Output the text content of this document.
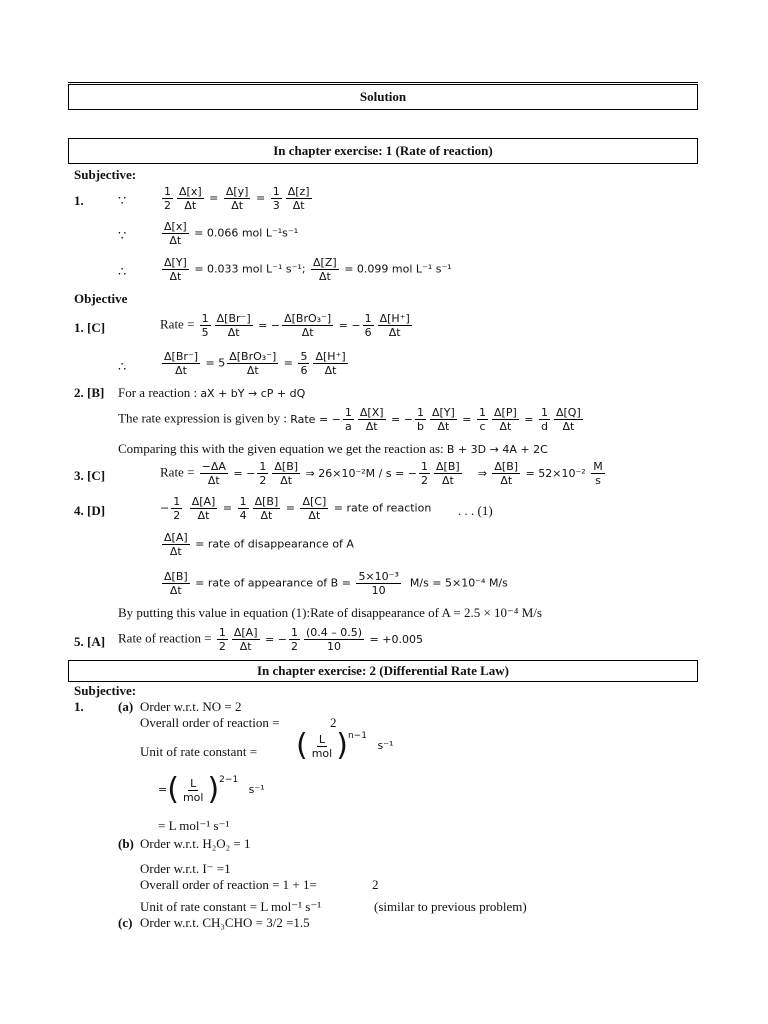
Solution
In chapter exercise: 1 (Rate of reaction)
Subjective:
1.	∵	$\frac{1}{2} \frac{\Delta[x]}{\Delta t} = \frac{\Delta[y]}{\Delta t} = \frac{1}{3} \frac{\Delta[z]}{\Delta t}$
∵	$\frac{\Delta[x]}{\Delta t} = 0.066$ mol L⁻¹s⁻¹
∴	$\frac{\Delta[Y]}{\Delta t} = 0.033$ mol L⁻¹ s⁻¹; $\frac{\Delta[Z]}{\Delta t} = 0.099$ mol L⁻¹ s⁻¹
Objective
1. [C]	Rate = $\frac{1}{5} \frac{\Delta[Br^-]}{\Delta t}$ = − Δ[BrO₃⁻]
Δt
= − $\frac{1}{6} \frac{\Delta[H^+]}{\Delta t}$
∴	$\frac{\Delta[Br^-]}{\Delta t} = 5$ Δ[BrO₃⁻]
Δt
= $\frac{5}{6} \frac{\Delta[H^+]}{\Delta t}$
2. [B] For a reaction : aX + bY → cP + dQ
The rate expression is given by : Rate = − $\frac{1}{a} \frac{\Delta[X]}{\Delta t}$ = − $\frac{1}{b} \frac{\Delta[Y]}{\Delta t} = \frac{1}{c} \frac{\Delta[P]}{\Delta t} = \frac{1}{d} \frac{\Delta[Q]}{\Delta t}$
Comparing this with the given equation we get the reaction as: B + 3D → 4A + 2C
3. [C]	Rate = $\frac{-\Delta A}{\Delta t}$ = − $\frac{1}{2} \frac{\Delta[B]}{\Delta t}$ ⇒ 26×10⁻²M / s = − $\frac{1}{2} \frac{\Delta[B]}{\Delta t}$ ⇒ $\frac{\Delta[B]}{\Delta t} = 52\times 10^{-2} \frac{M}{s}$
4. [D]	− $\frac{1}{2}$
$\frac{\Delta[A]}{\Delta t} = \frac{1}{4} \frac{\Delta[B]}{\Delta t} = \frac{\Delta[C]}{\Delta t}$ = rate of reaction . . . (1)
$\frac{\Delta[A]}{\Delta t}$ = rate of disappearance of A
$\frac{\Delta[B]}{\Delta t}$ = rate of appearance of $B = \frac{\text{5×10⁻³}}{10} M/s = 5\times 10^{-4}$ M/s
By putting this value in equation (1):Rate of disappearance of A = 2.5 × 10⁻⁴ M/s
5. [A] Rate of reaction = $\frac{1}{2} \frac{\Delta[A]}{\Delta t}$ = − $\frac{1}{2} \frac{(0.4 - 0.5)}{10} = +0.005$
In chapter exercise: 2 (Differential Rate Law)
Subjective:
1.	(a) Order w.r.t. NO = 2
Overall order of reaction =	2
Unit of rate constant = ( L
mol )$^{n-1}$   s⁻¹
=( L
mol )$^{2-1}$   s⁻¹
= L mol⁻¹ s⁻¹
(b) Order w.r.t. H₂O₂ = 1
Order w.r.t. I⁻ =1
Overall order of reaction = 1 + 1=	2
Unit of rate constant = L mol⁻¹ s⁻¹	(similar to previous problem)
(c) Order w.r.t. CH₃CHO = 3/2 =1.5
